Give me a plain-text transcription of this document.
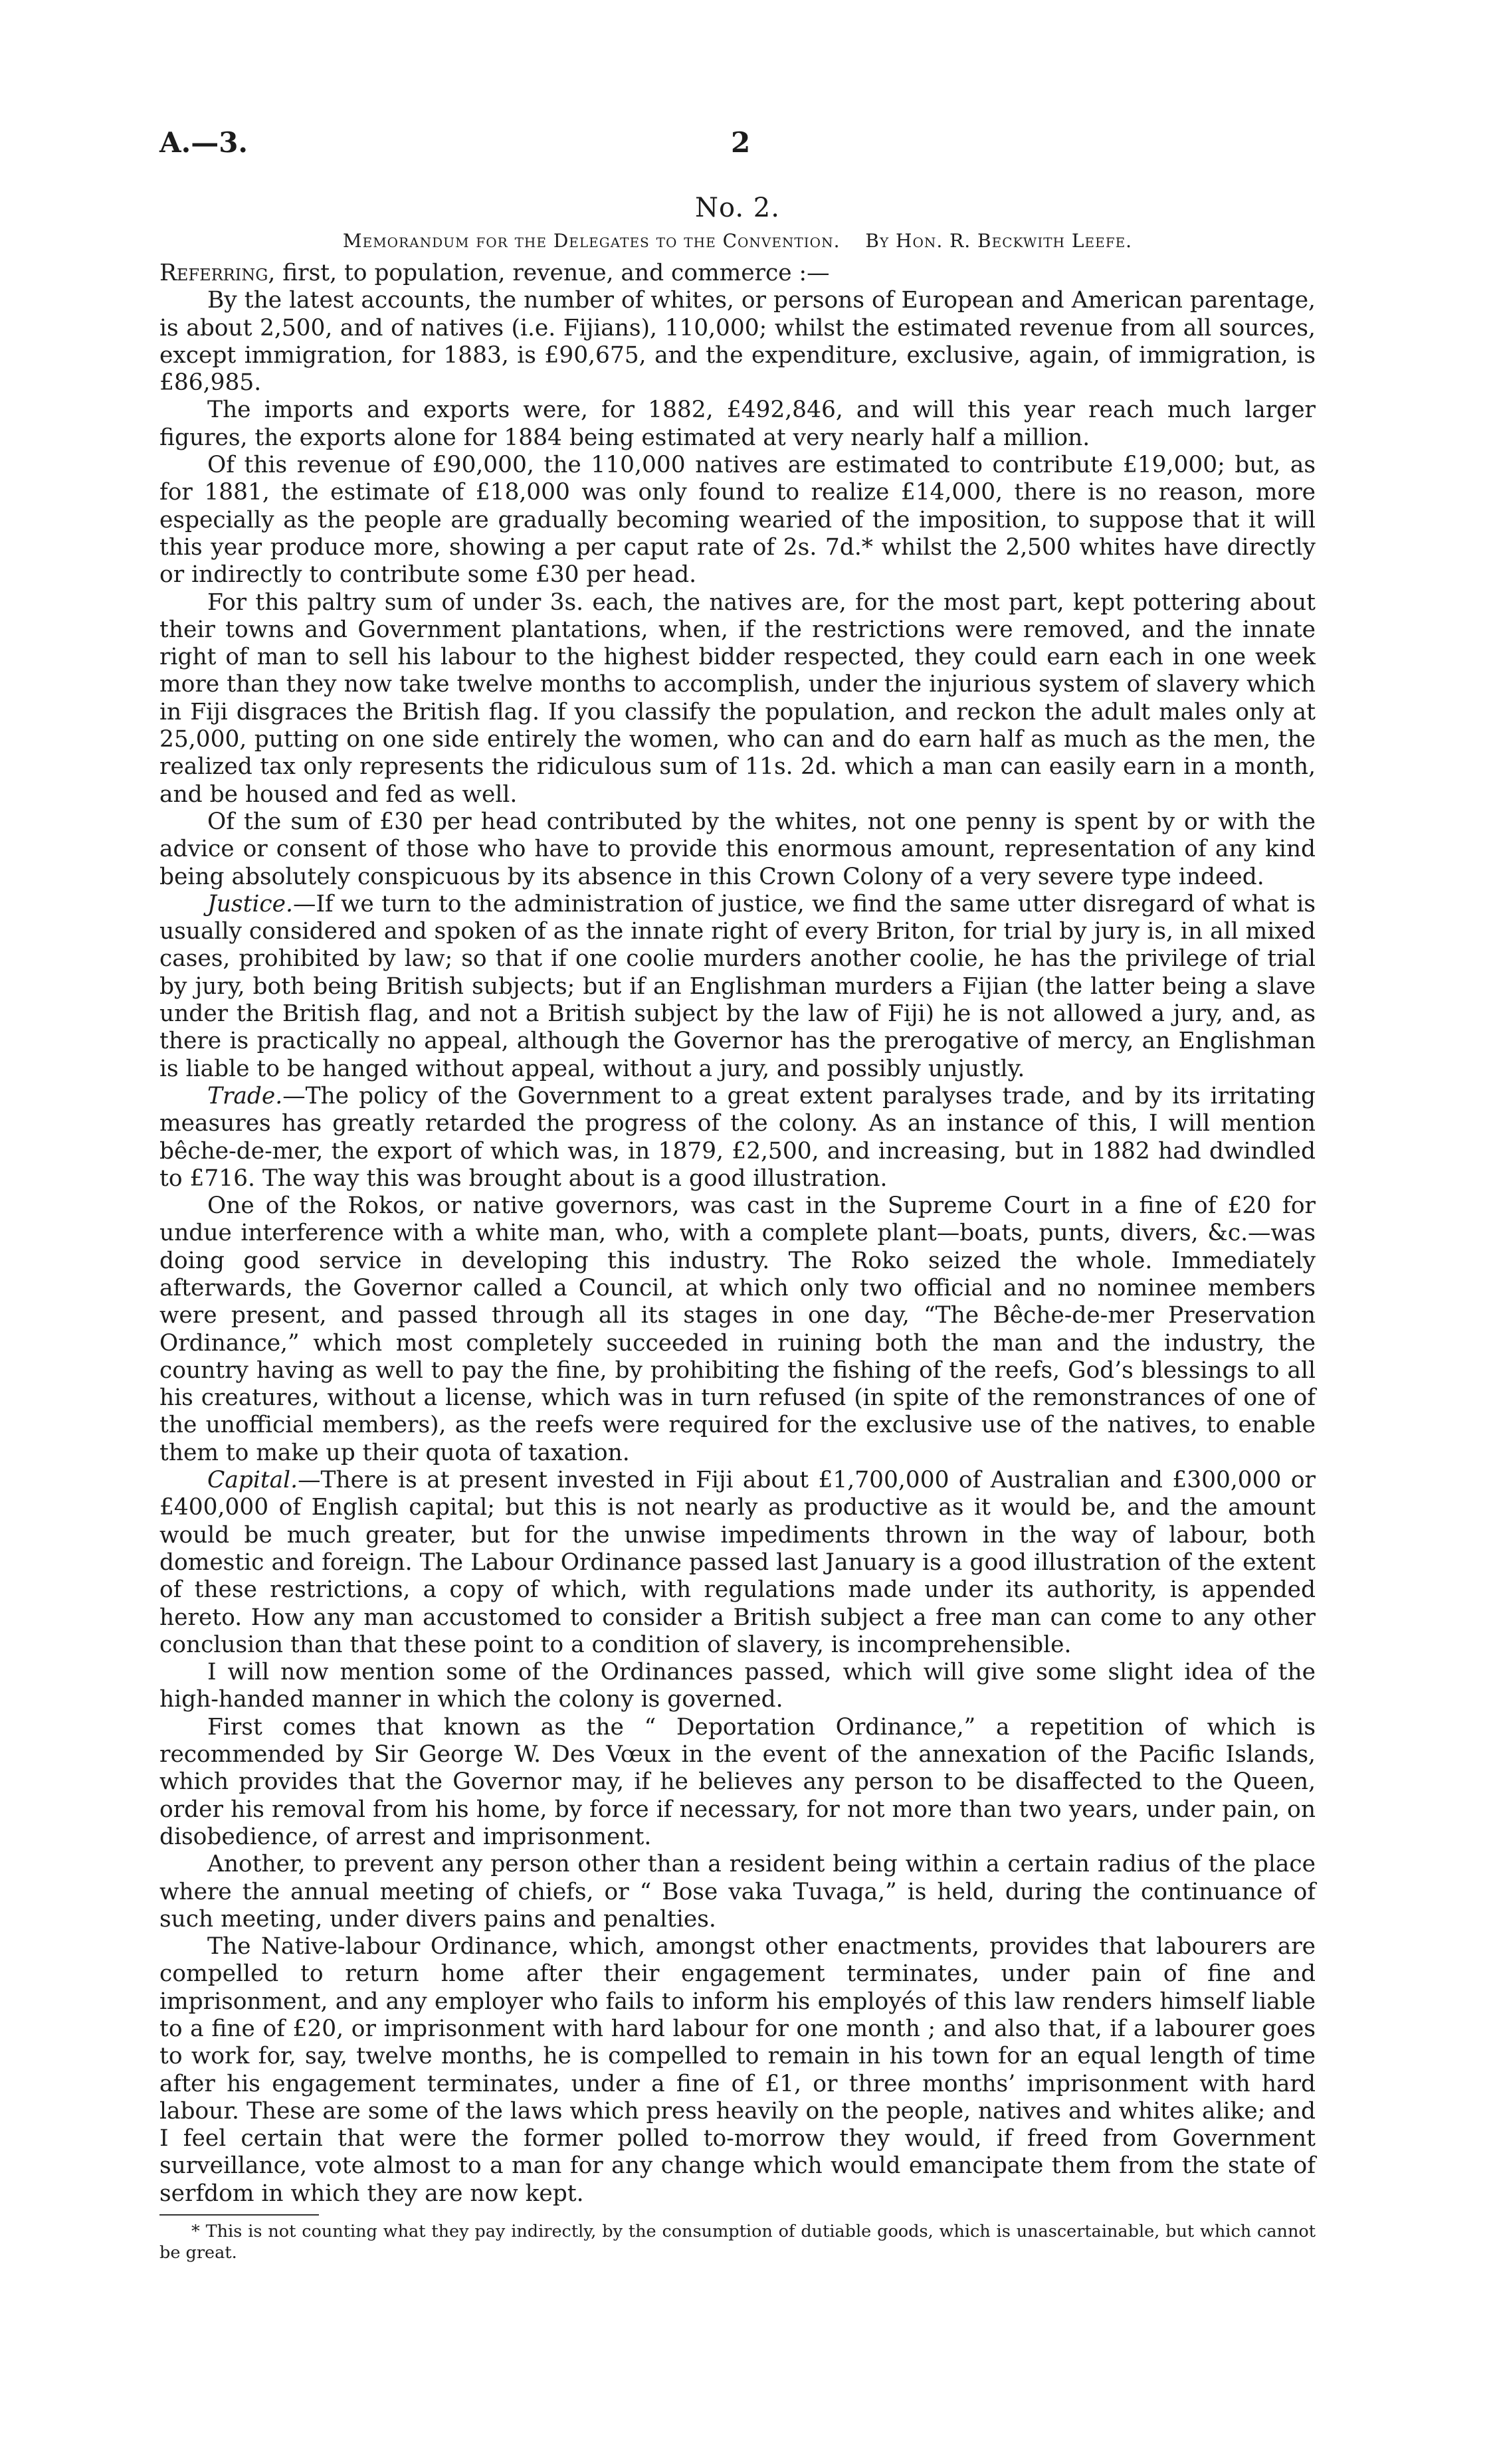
A.—3.	2
No. 2.
Memorandum for the Delegates to the Convention. By Hon. R. Beckwith Leefe.

Referring, first, to population, revenue, and commerce :—

By the latest accounts, the number of whites, or persons of European and American parentage, is about 2,500, and of natives (i.e. Fijians), 110,000; whilst the estimated revenue from all sources, except immigration, for 1883, is £90,675, and the expenditure, exclusive, again, of immigration, is £86,985.

The imports and exports were, for 1882, £492,846, and will this year reach much larger figures, the exports alone for 1884 being estimated at very nearly half a million.

Of this revenue of £90,000, the 110,000 natives are estimated to contribute £19,000; but, as for 1881, the estimate of £18,000 was only found to realize £14,000, there is no reason, more especially as the people are gradually becoming wearied of the imposition, to suppose that it will this year produce more, showing a per caput rate of 2s. 7d.* whilst the 2,500 whites have directly or indirectly to contribute some £30 per head.

For this paltry sum of under 3s. each, the natives are, for the most part, kept pottering about their towns and Government plantations, when, if the restrictions were removed, and the innate right of man to sell his labour to the highest bidder respected, they could earn each in one week more than they now take twelve months to accomplish, under the injurious system of slavery which in Fiji disgraces the British flag. If you classify the population, and reckon the adult males only at 25,000, putting on one side entirely the women, who can and do earn half as much as the men, the realized tax only represents the ridiculous sum of 11s. 2d. which a man can easily earn in a month, and be housed and fed as well.

Of the sum of £30 per head contributed by the whites, not one penny is spent by or with the advice or consent of those who have to provide this enormous amount, representation of any kind being absolutely conspicuous by its absence in this Crown Colony of a very severe type indeed.

Justice.—If we turn to the administration of justice, we find the same utter disregard of what is usually considered and spoken of as the innate right of every Briton, for trial by jury is, in all mixed cases, prohibited by law; so that if one coolie murders another coolie, he has the privilege of trial by jury, both being British subjects; but if an Englishman murders a Fijian (the latter being a slave under the British flag, and not a British subject by the law of Fiji) he is not allowed a jury, and, as there is practically no appeal, although the Governor has the prerogative of mercy, an Englishman is liable to be hanged without appeal, without a jury, and possibly unjustly.

Trade.—The policy of the Government to a great extent paralyses trade, and by its irritating measures has greatly retarded the progress of the colony. As an instance of this, I will mention bêche-de-mer, the export of which was, in 1879, £2,500, and increasing, but in 1882 had dwindled to £716. The way this was brought about is a good illustration.

One of the Rokos, or native governors, was cast in the Supreme Court in a fine of £20 for undue interference with a white man, who, with a complete plant—boats, punts, divers, &c.—was doing good service in developing this industry. The Roko seized the whole. Immediately afterwards, the Governor called a Council, at which only two official and no nominee members were present, and passed through all its stages in one day, “The Bêche-de-mer Preservation Ordinance,” which most completely succeeded in ruining both the man and the industry, the country having as well to pay the fine, by prohibiting the fishing of the reefs, God’s blessings to all his creatures, without a license, which was in turn refused (in spite of the remonstrances of one of the unofficial members), as the reefs were required for the exclusive use of the natives, to enable them to make up their quota of taxation.

Capital.—There is at present invested in Fiji about £1,700,000 of Australian and £300,000 or £400,000 of English capital; but this is not nearly as productive as it would be, and the amount would be much greater, but for the unwise impediments thrown in the way of labour, both domestic and foreign. The Labour Ordinance passed last January is a good illustration of the extent of these restrictions, a copy of which, with regulations made under its authority, is appended hereto. How any man accustomed to consider a British subject a free man can come to any other conclusion than that these point to a condition of slavery, is incomprehensible.

I will now mention some of the Ordinances passed, which will give some slight idea of the high-handed manner in which the colony is governed.

First comes that known as the “ Deportation Ordinance,” a repetition of which is recommended by Sir George W. Des Vœux in the event of the annexation of the Pacific Islands, which provides that the Governor may, if he believes any person to be disaffected to the Queen, order his removal from his home, by force if necessary, for not more than two years, under pain, on disobedience, of arrest and imprisonment.

Another, to prevent any person other than a resident being within a certain radius of the place where the annual meeting of chiefs, or “ Bose vaka Tuvaga,” is held, during the continuance of such meeting, under divers pains and penalties.

The Native-labour Ordinance, which, amongst other enactments, provides that labourers are compelled to return home after their engagement terminates, under pain of fine and imprisonment, and any employer who fails to inform his employés of this law renders himself liable to a fine of £20, or imprisonment with hard labour for one month ; and also that, if a labourer goes to work for, say, twelve months, he is compelled to remain in his town for an equal length of time after his engagement terminates, under a fine of £1, or three months’ imprisonment with hard labour. These are some of the laws which press heavily on the people, natives and whites alike; and I feel certain that were the former polled to-morrow they would, if freed from Government surveillance, vote almost to a man for any change which would emancipate them from the state of serfdom in which they are now kept.

* This is not counting what they pay indirectly, by the consumption of dutiable goods, which is unascertainable, but which cannot be great.
